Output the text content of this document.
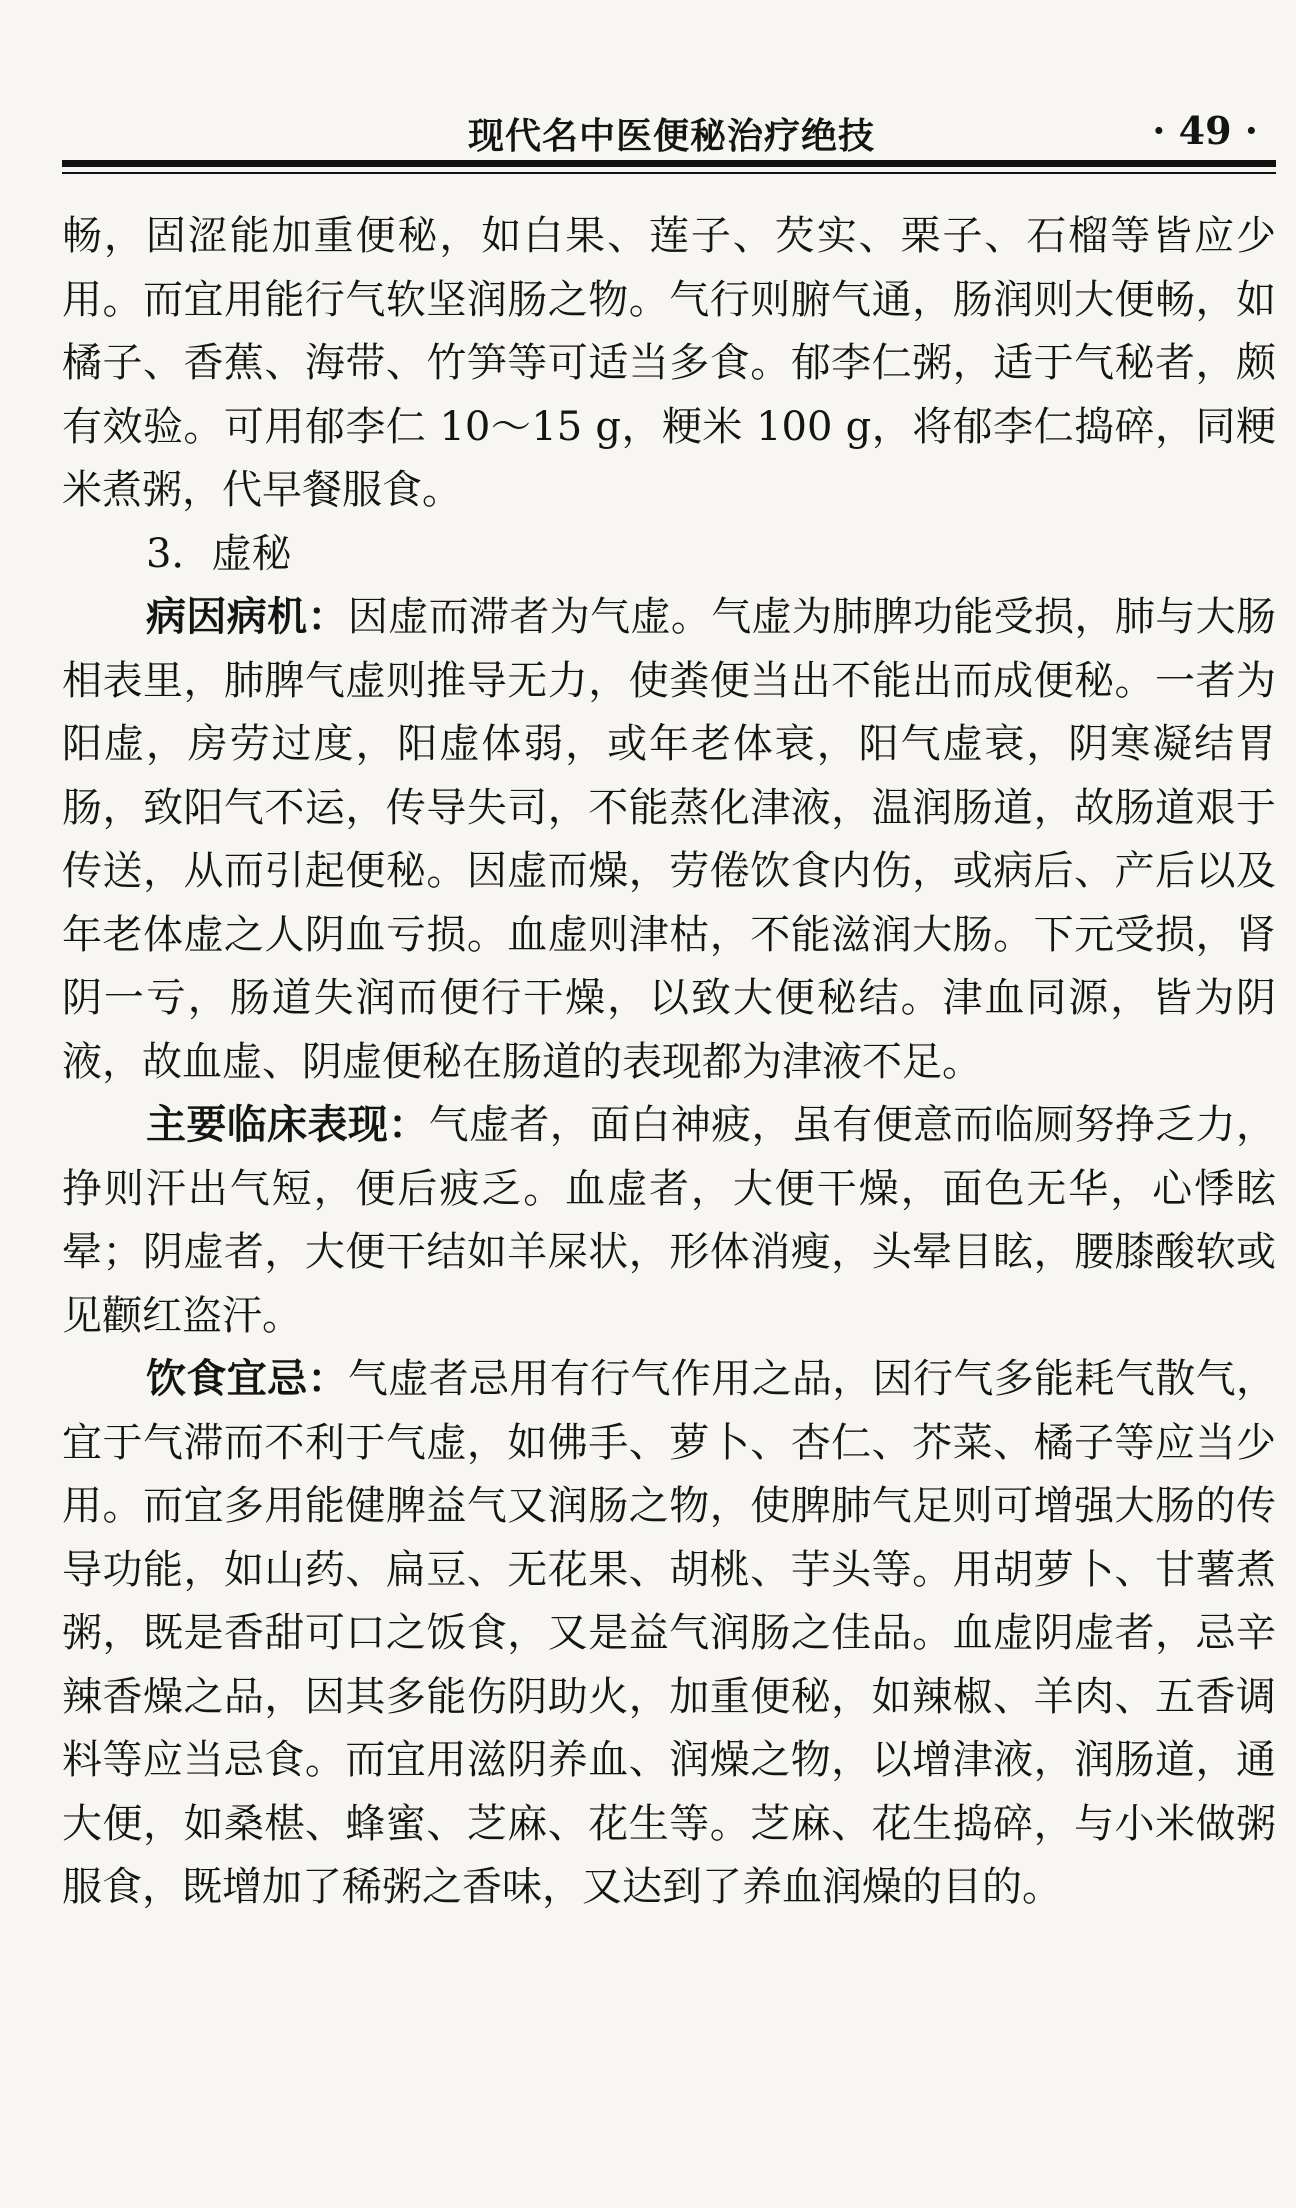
现代名中医便秘治疗绝技	· 49 ·

畅，固涩能加重便秘，如白果、莲子、芡实、栗子、石榴等皆应少用。而宜用能行气软坚润肠之物。气行则腑气通，肠润则大便畅，如橘子、香蕉、海带、竹笋等可适当多食。郁李仁粥，适于气秘者，颇有效验。可用郁李仁 10～15 g，粳米 100 g，将郁李仁捣碎，同粳米煮粥，代早餐服食。

3．虚秘

病因病机：因虚而滞者为气虚。气虚为肺脾功能受损，肺与大肠相表里，肺脾气虚则推导无力，使粪便当出不能出而成便秘。一者为阳虚，房劳过度，阳虚体弱，或年老体衰，阳气虚衰，阴寒凝结胃肠，致阳气不运，传导失司，不能蒸化津液，温润肠道，故肠道艰于传送，从而引起便秘。因虚而燥，劳倦饮食内伤，或病后、产后以及年老体虚之人阴血亏损。血虚则津枯，不能滋润大肠。下元受损，肾阴一亏，肠道失润而便行干燥，以致大便秘结。津血同源，皆为阴液，故血虚、阴虚便秘在肠道的表现都为津液不足。

主要临床表现：气虚者，面白神疲，虽有便意而临厕努挣乏力，挣则汗出气短，便后疲乏。血虚者，大便干燥，面色无华，心悸眩晕；阴虚者，大便干结如羊屎状，形体消瘦，头晕目眩，腰膝酸软或见颧红盗汗。

饮食宜忌：气虚者忌用有行气作用之品，因行气多能耗气散气，宜于气滞而不利于气虚，如佛手、萝卜、杏仁、芥菜、橘子等应当少用。而宜多用能健脾益气又润肠之物，使脾肺气足则可增强大肠的传导功能，如山药、扁豆、无花果、胡桃、芋头等。用胡萝卜、甘薯煮粥，既是香甜可口之饭食，又是益气润肠之佳品。血虚阴虚者，忌辛辣香燥之品，因其多能伤阴助火，加重便秘，如辣椒、羊肉、五香调料等应当忌食。而宜用滋阴养血、润燥之物，以增津液，润肠道，通大便，如桑椹、蜂蜜、芝麻、花生等。芝麻、花生捣碎，与小米做粥服食，既增加了稀粥之香味，又达到了养血润燥的目的。
